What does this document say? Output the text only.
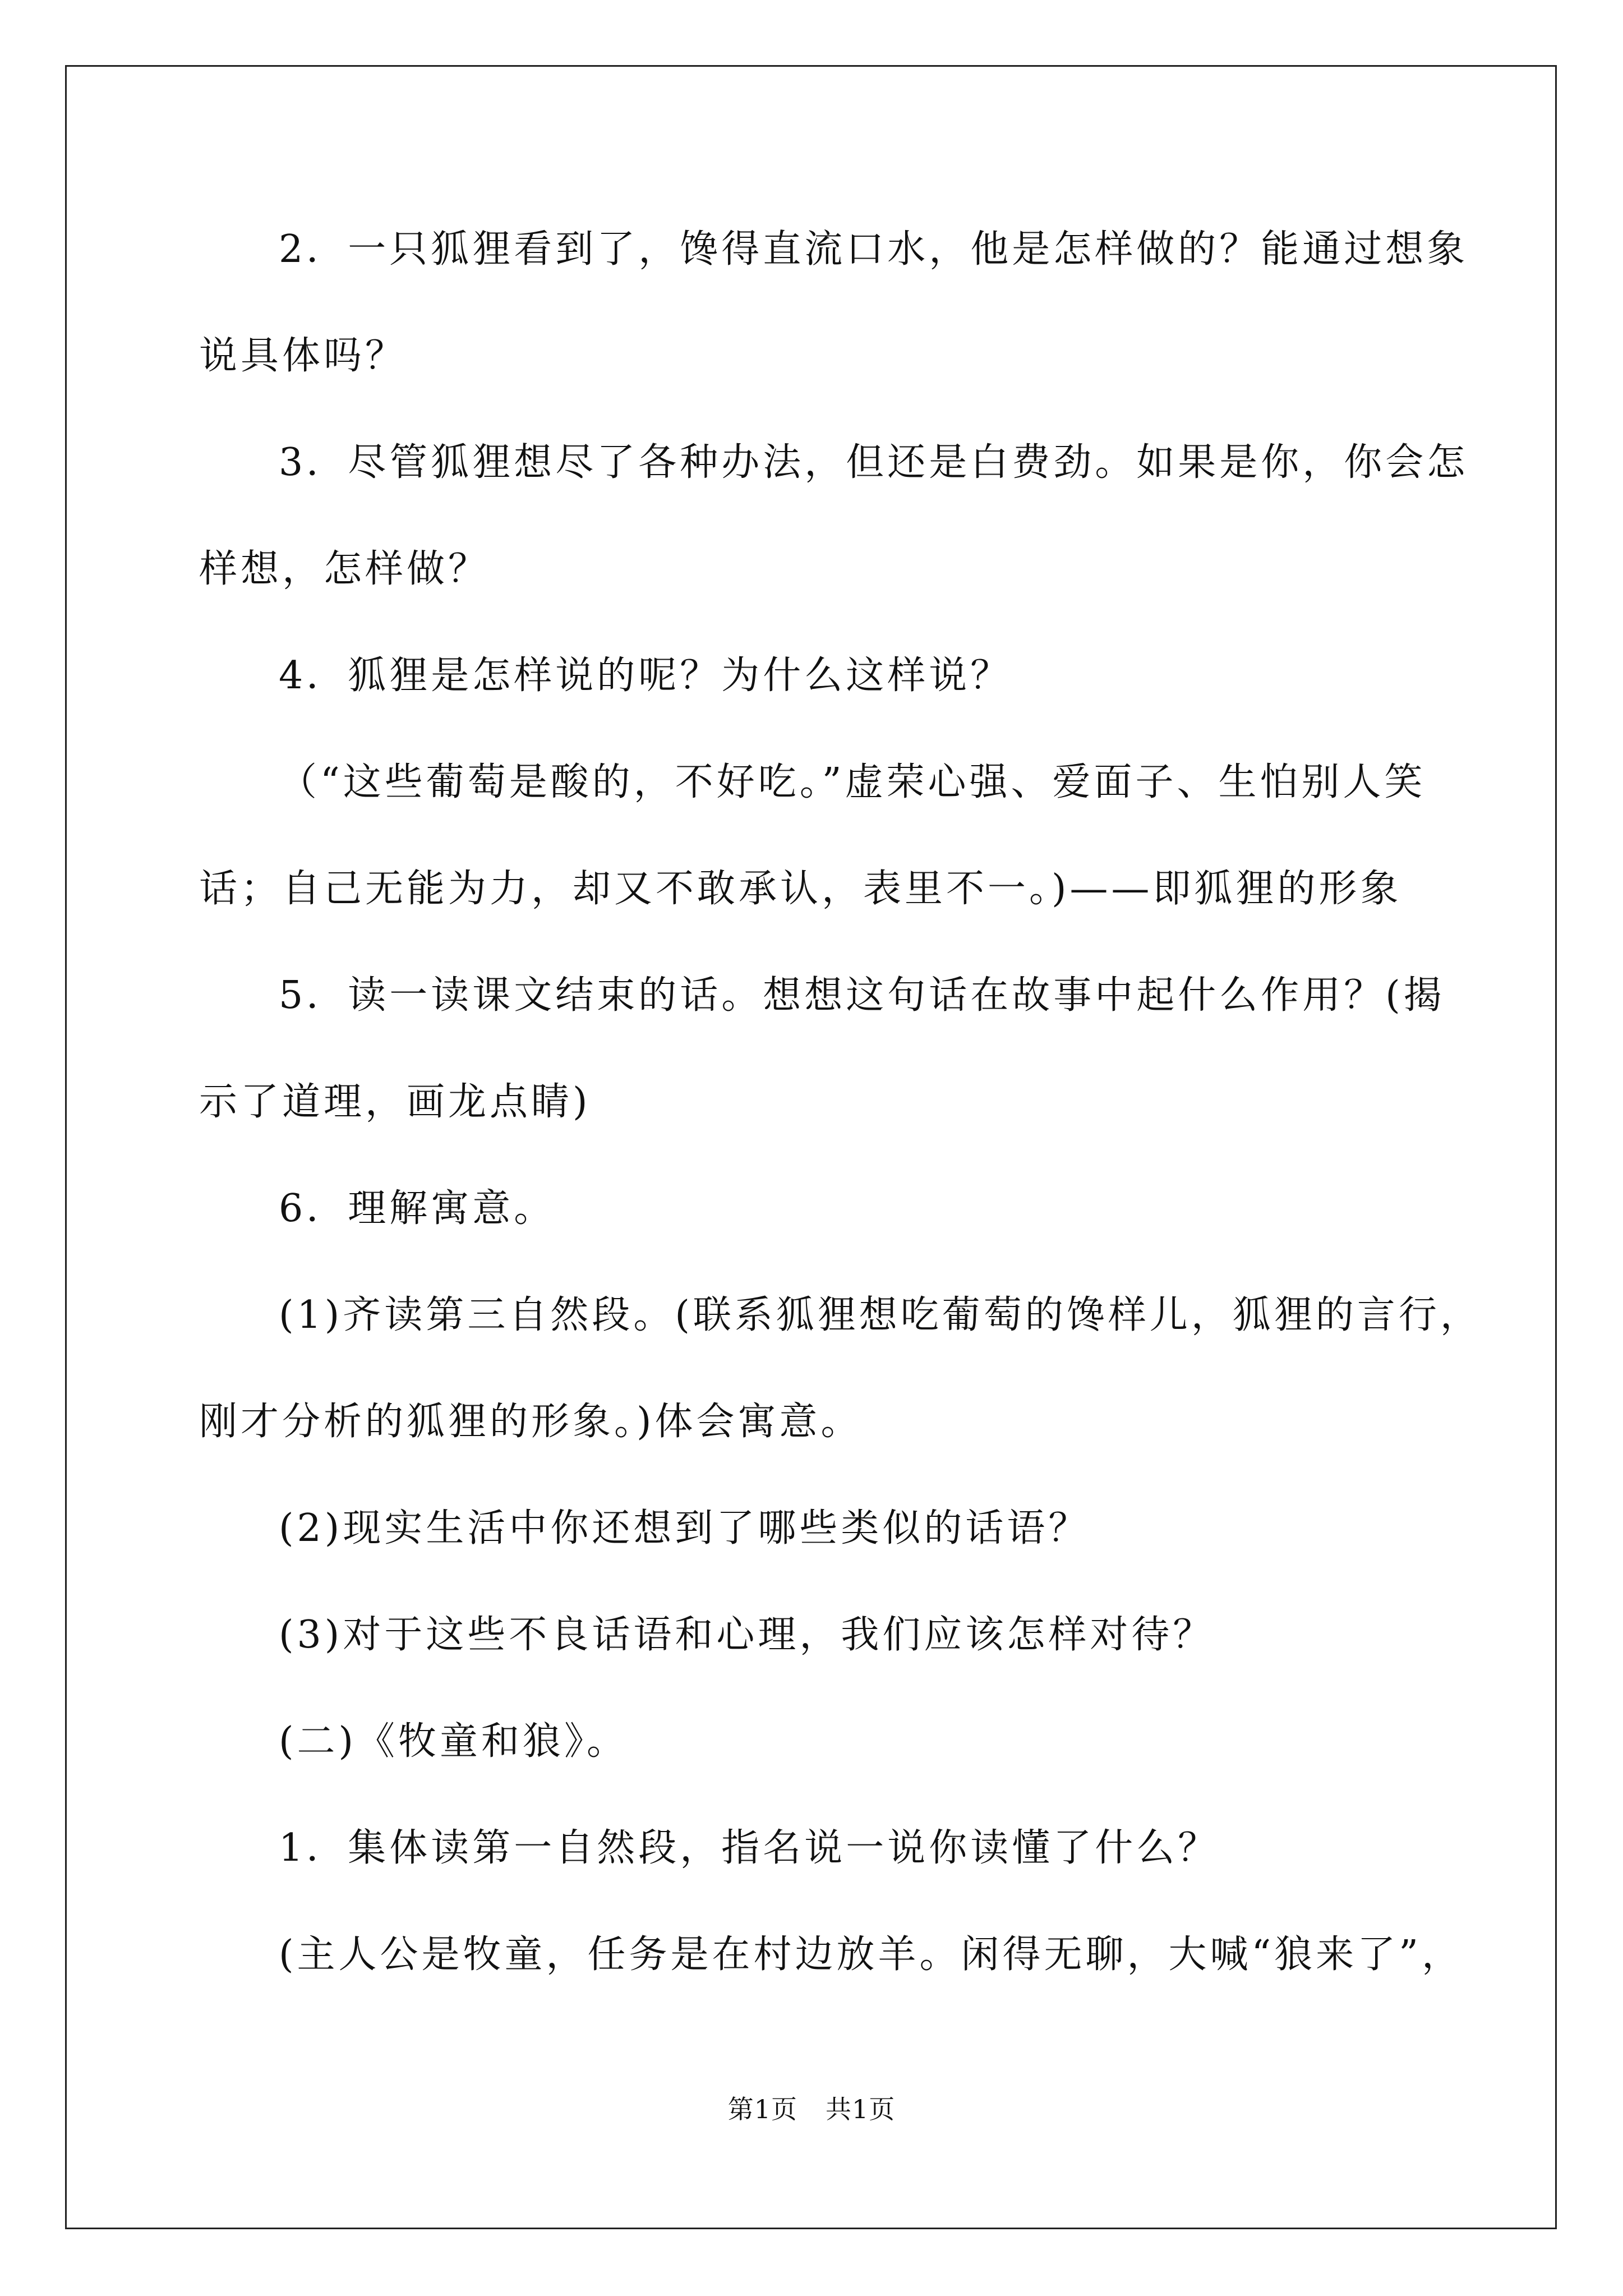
2．一只狐狸看到了，馋得直流口水，他是怎样做的？能通过想象
说具体吗？
3．尽管狐狸想尽了各种办法，但还是白费劲。如果是你，你会怎
样想，怎样做？
4．狐狸是怎样说的呢？为什么这样说？
（“这些葡萄是酸的，不好吃。”虚荣心强、爱面子、生怕别人笑
话；自己无能为力，却又不敢承认，表里不一。)——即狐狸的形象
5．读一读课文结束的话。想想这句话在故事中起什么作用？(揭
示了道理，画龙点睛)
6．理解寓意。
(1)齐读第三自然段。(联系狐狸想吃葡萄的馋样儿，狐狸的言行，
刚才分析的狐狸的形象。)体会寓意。
(2)现实生活中你还想到了哪些类似的话语？
(3)对于这些不良话语和心理，我们应该怎样对待？
(二)《牧童和狼》。
1．集体读第一自然段，指名说一说你读懂了什么？
(主人公是牧童，任务是在村边放羊。闲得无聊，大喊“狼来了”，
第1页 共1页
